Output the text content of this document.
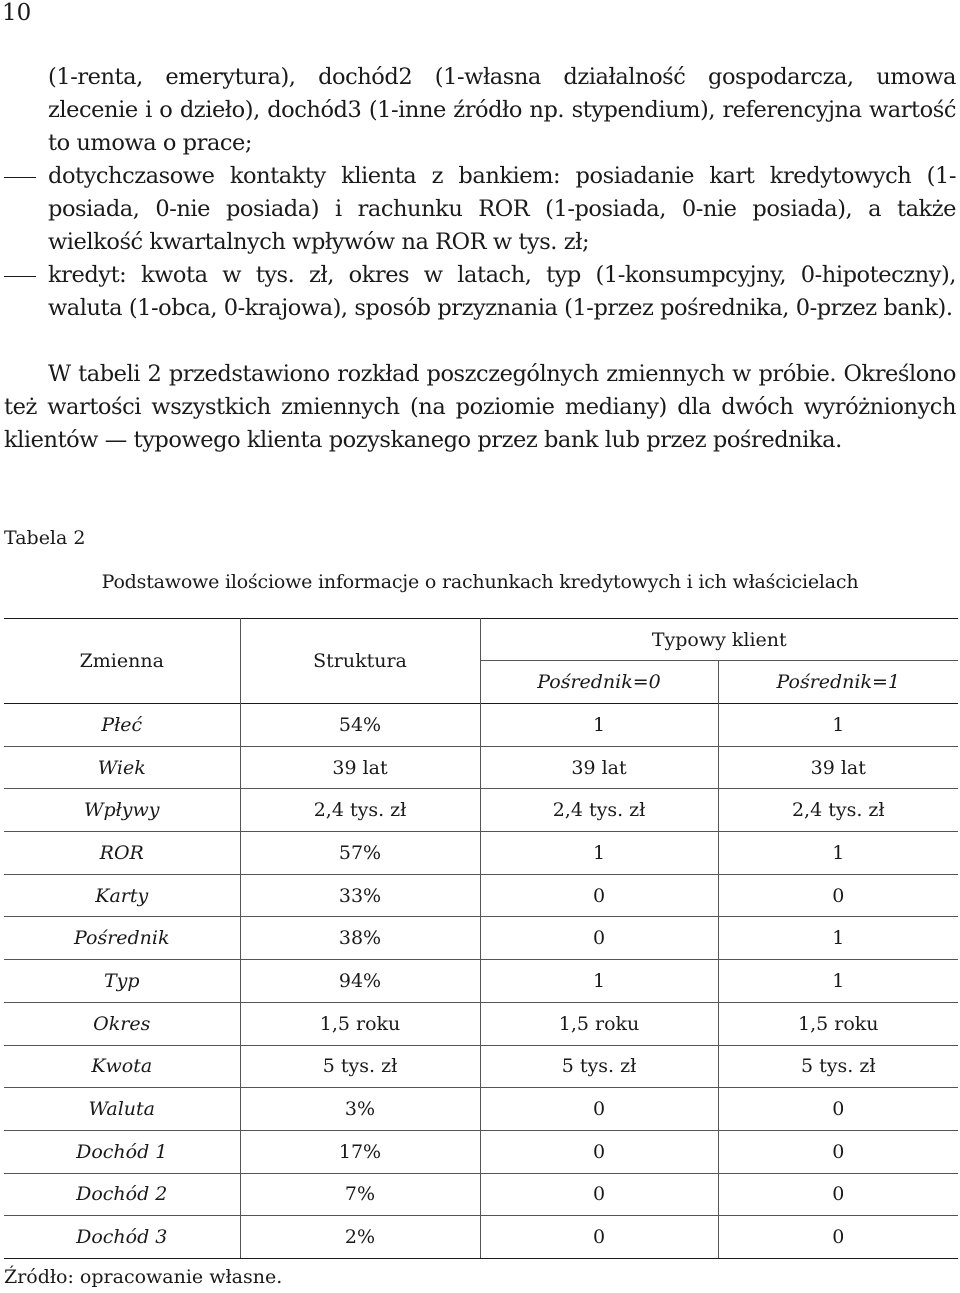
10
(1-renta, emerytura), dochód2 (1-własna działalność gospodarcza, umowa zlecenie i o dzieło), dochód3 (1-inne źródło np. stypendium), referencyjna wartość to umowa o prace;
dotychczasowe kontakty klienta z bankiem: posiadanie kart kredytowych (1-posiada, 0-nie posiada) i rachunku ROR (1-posiada, 0-nie posiada), a także wielkość kwartalnych wpływów na ROR w tys. zł;
kredyt: kwota w tys. zł, okres w latach, typ (1-konsumpcyjny, 0-hipoteczny), waluta (1-obca, 0-krajowa), sposób przyznania (1-przez pośrednika, 0-przez bank).
W tabeli 2 przedstawiono rozkład poszczególnych zmiennych w próbie. Określono też wartości wszystkich zmiennych (na poziomie mediany) dla dwóch wyróżnionych klientów — typowego klienta pozyskanego przez bank lub przez pośrednika.
Tabela 2
Podstawowe ilościowe informacje o rachunkach kredytowych i ich właścicielach
Zmienna	Struktura	Typowy klient	
		Pośrednik=0	Pośrednik=1
Płeć	54%	1	1
Wiek	39 lat	39 lat	39 lat
Wpływy	2,4 tys. zł	2,4 tys. zł	2,4 tys. zł
ROR	57%	1	1
Karty	33%	0	0
Pośrednik	38%	0	1
Typ	94%	1	1
Okres	1,5 roku	1,5 roku	1,5 roku
Kwota	5 tys. zł	5 tys. zł	5 tys. zł
Waluta	3%	0	0
Dochód 1	17%	0	0
Dochód 2	7%	0	0
Dochód 3	2%	0	0
Źródło: opracowanie własne.
